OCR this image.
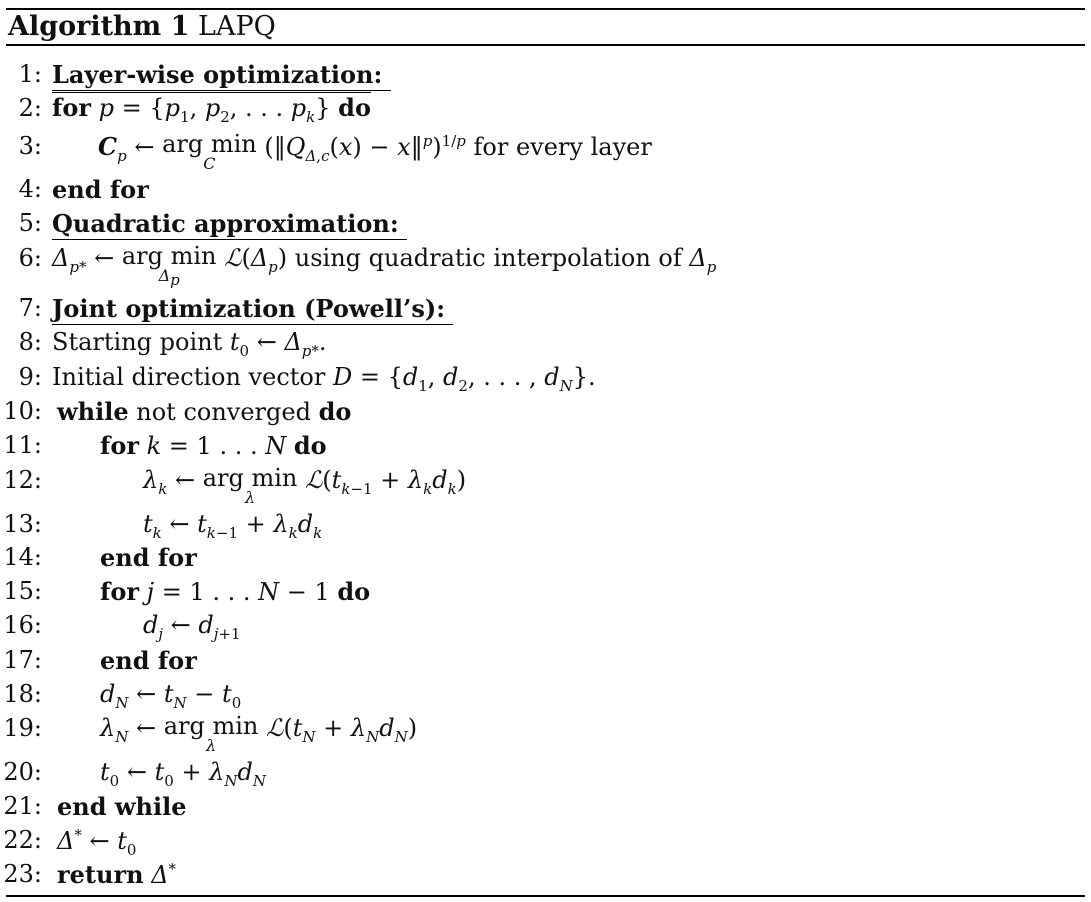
Algorithm 1 LAPQ
1: Layer-wise optimization:
2: for $p = \{p_1$, $p_2$, . . . $p_k$} do
3: $C_p$ ← arg min
C
($‖Q_{\Delta,c}(x)$ − x‖$^p$)$^{1/p}$ for every layer
4: end for
5: Quadratic approximation:
6: $\Delta_{p*}$ ← arg min
$\Delta_p$
$ℒ(\Delta_p)$ using quadratic interpolation of $\Delta_p$
7: Joint optimization (Powell’s):
8: Starting point $t_0$ ← $\Delta_{p*}$.
9: Initial direction vector $D = \{d_1$, $d_2$, . . . , $d_N$}.
10: while not converged do
11: for k = 1 . . . N do
12:	$\lambda_k$ ← arg min
λ
$ℒ(t_{k-1} + \lambda_kd_k)$
13:	$t_k$ ← $t_{k-1} + \lambda_kd_k$
14: end for
15: for j = 1 . . . N − 1 do
16:	$d_j$ ← $d_{j+1}$
17: end for
18: $d_N$ ← $t_N - t_0$
19: $\lambda_N$ ← arg min
λ
$ℒ(t_N + \lambda_Nd_N)$
20: $t_0$ ← $t_0 + \lambda_Nd_N$
21: end while
22: Δ* ← $t_0$
23: return Δ*
